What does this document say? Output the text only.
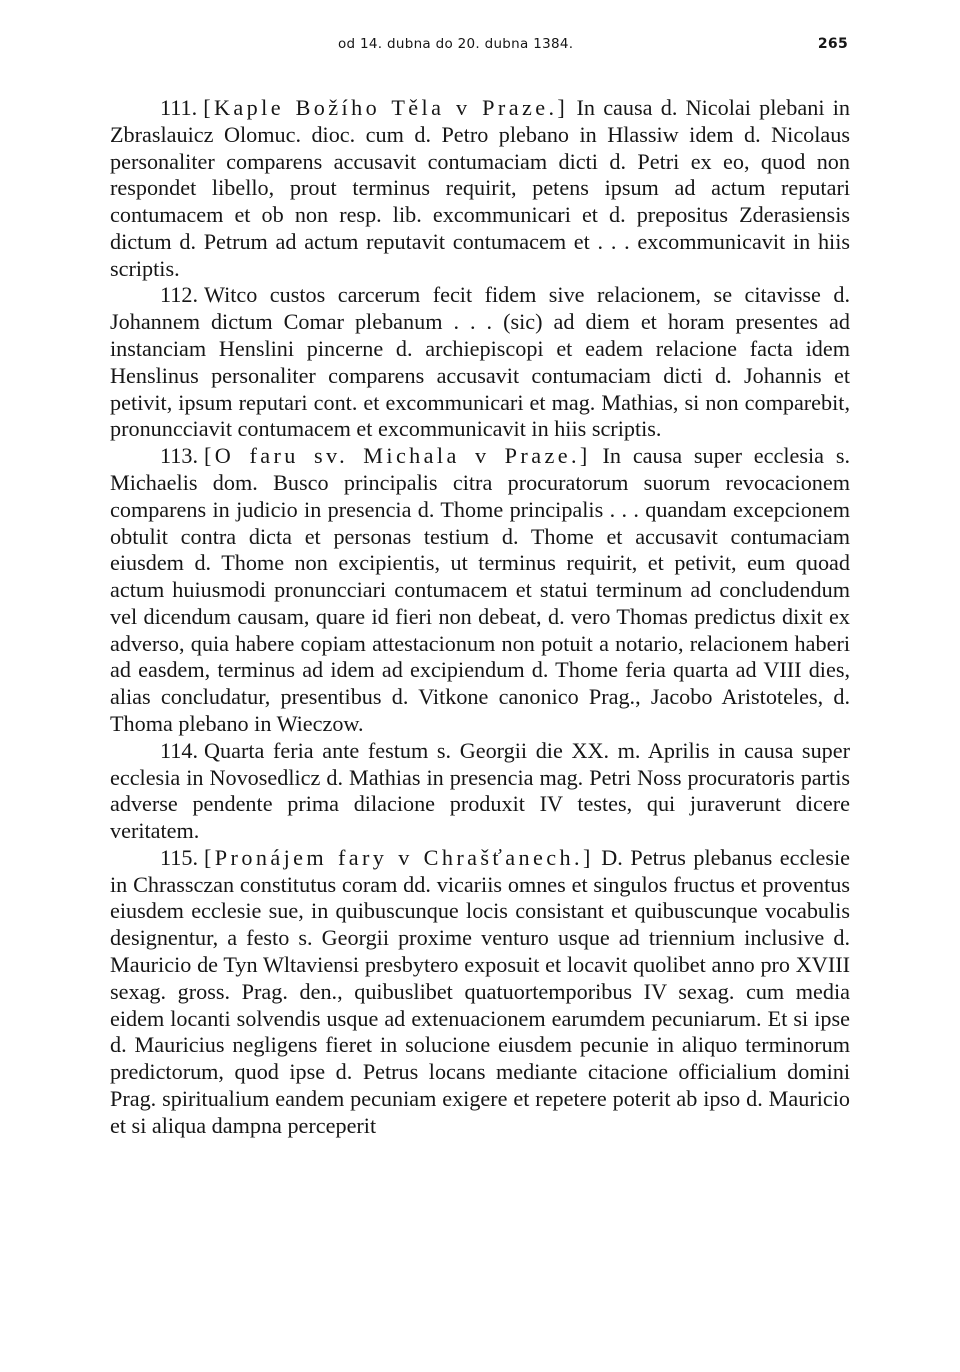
od 14. dubna do 20. dubna 1384.	265

111. [Kaple Božího Těla v Praze.] In causa d. Nicolai plebani in Zbraslauicz Olomuc. dioc. cum d. Petro plebano in Hlassiw idem d. Nicolaus personaliter comparens accusavit contumaciam dicti d. Petri ex eo, quod non respondet libello, prout terminus requirit, petens ipsum ad actum reputari contumacem et ob non resp. lib. excommunicari et d. prepositus Zderasiensis dictum d. Petrum ad actum reputavit contumacem et . . . excommunicavit in hiis scriptis.

112. Witco custos carcerum fecit fidem sive relacionem, se citavisse d. Johannem dictum Comar plebanum . . . (sic) ad diem et horam presentes ad instanciam Henslini pincerne d. archiepiscopi et eadem relacione facta idem Henslinus personaliter comparens accusavit contumaciam dicti d. Johannis et petivit, ipsum reputari cont. et excommunicari et mag. Mathias, si non comparebit, pronuncciavit contumacem et excommunicavit in hiis scriptis.

113. [O faru sv. Michala v Praze.] In causa super ecclesia s. Michaelis dom. Busco principalis citra procuratorum suorum revocacionem comparens in judicio in presencia d. Thome principalis . . . quandam excepcionem obtulit contra dicta et personas testium d. Thome et accusavit contumaciam eiusdem d. Thome non excipientis, ut terminus requirit, et petivit, eum quoad actum huiusmodi pronuncciari contumacem et statui terminum ad concludendum vel dicendum causam, quare id fieri non debeat, d. vero Thomas predictus dixit ex adverso, quia habere copiam attestacionum non potuit a notario, relacionem haberi ad easdem, terminus ad idem ad excipiendum d. Thome feria quarta ad VIII dies, alias concludatur, presentibus d. Vitkone canonico Prag., Jacobo Aristoteles, d. Thoma plebano in Wieczow.

114. Quarta feria ante festum s. Georgii die XX. m. Aprilis in causa super ecclesia in Novosedlicz d. Mathias in presencia mag. Petri Noss procuratoris partis adverse pendente prima dilacione produxit IV testes, qui juraverunt dicere veritatem.

115. [Pronájem fary v Chrašťanech.] D. Petrus plebanus ecclesie in Chrassczan constitutus coram dd. vicariis omnes et singulos fructus et proventus eiusdem ecclesie sue, in quibuscunque locis consistant et quibuscunque vocabulis designentur, a festo s. Georgii proxime venturo usque ad triennium inclusive d. Mauricio de Tyn Wltaviensi presbytero exposuit et locavit quolibet anno pro XVIII sexag. gross. Prag. den., quibuslibet quatuortemporibus IV sexag. cum media eidem locanti solvendis usque ad extenuacionem earumdem pecuniarum. Et si ipse d. Mauricius negligens fieret in solucione eiusdem pecunie in aliquo terminorum predictorum, quod ipse d. Petrus locans mediante citacione officialium domini Prag. spiritualium eandem pecuniam exigere et repetere poterit ab ipso d. Mauricio et si aliqua dampna perceperit
